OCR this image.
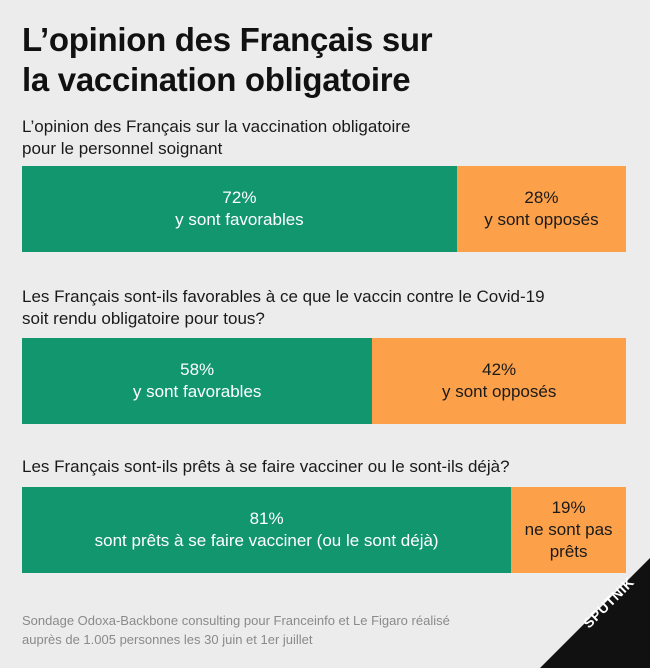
L’opinion des Français sur
la vaccination obligatoire
L’opinion des Français sur la vaccination obligatoire
pour le personnel soignant
72%
y sont favorables
28%
y sont opposés
Les Français sont-ils favorables à ce que le vaccin contre le Covid-19
soit rendu obligatoire pour tous?
58%
y sont favorables
42%
y sont opposés
Les Français sont-ils prêts à se faire vacciner ou le sont-ils déjà?
81%
sont prêts à se faire vacciner (ou le sont déjà)
19%
ne sont pas
prêts
Sondage Odoxa-Backbone consulting pour Franceinfo et Le Figaro réalisé
auprès de 1.005 personnes les 30 juin et 1er juillet
SPUTNIK
